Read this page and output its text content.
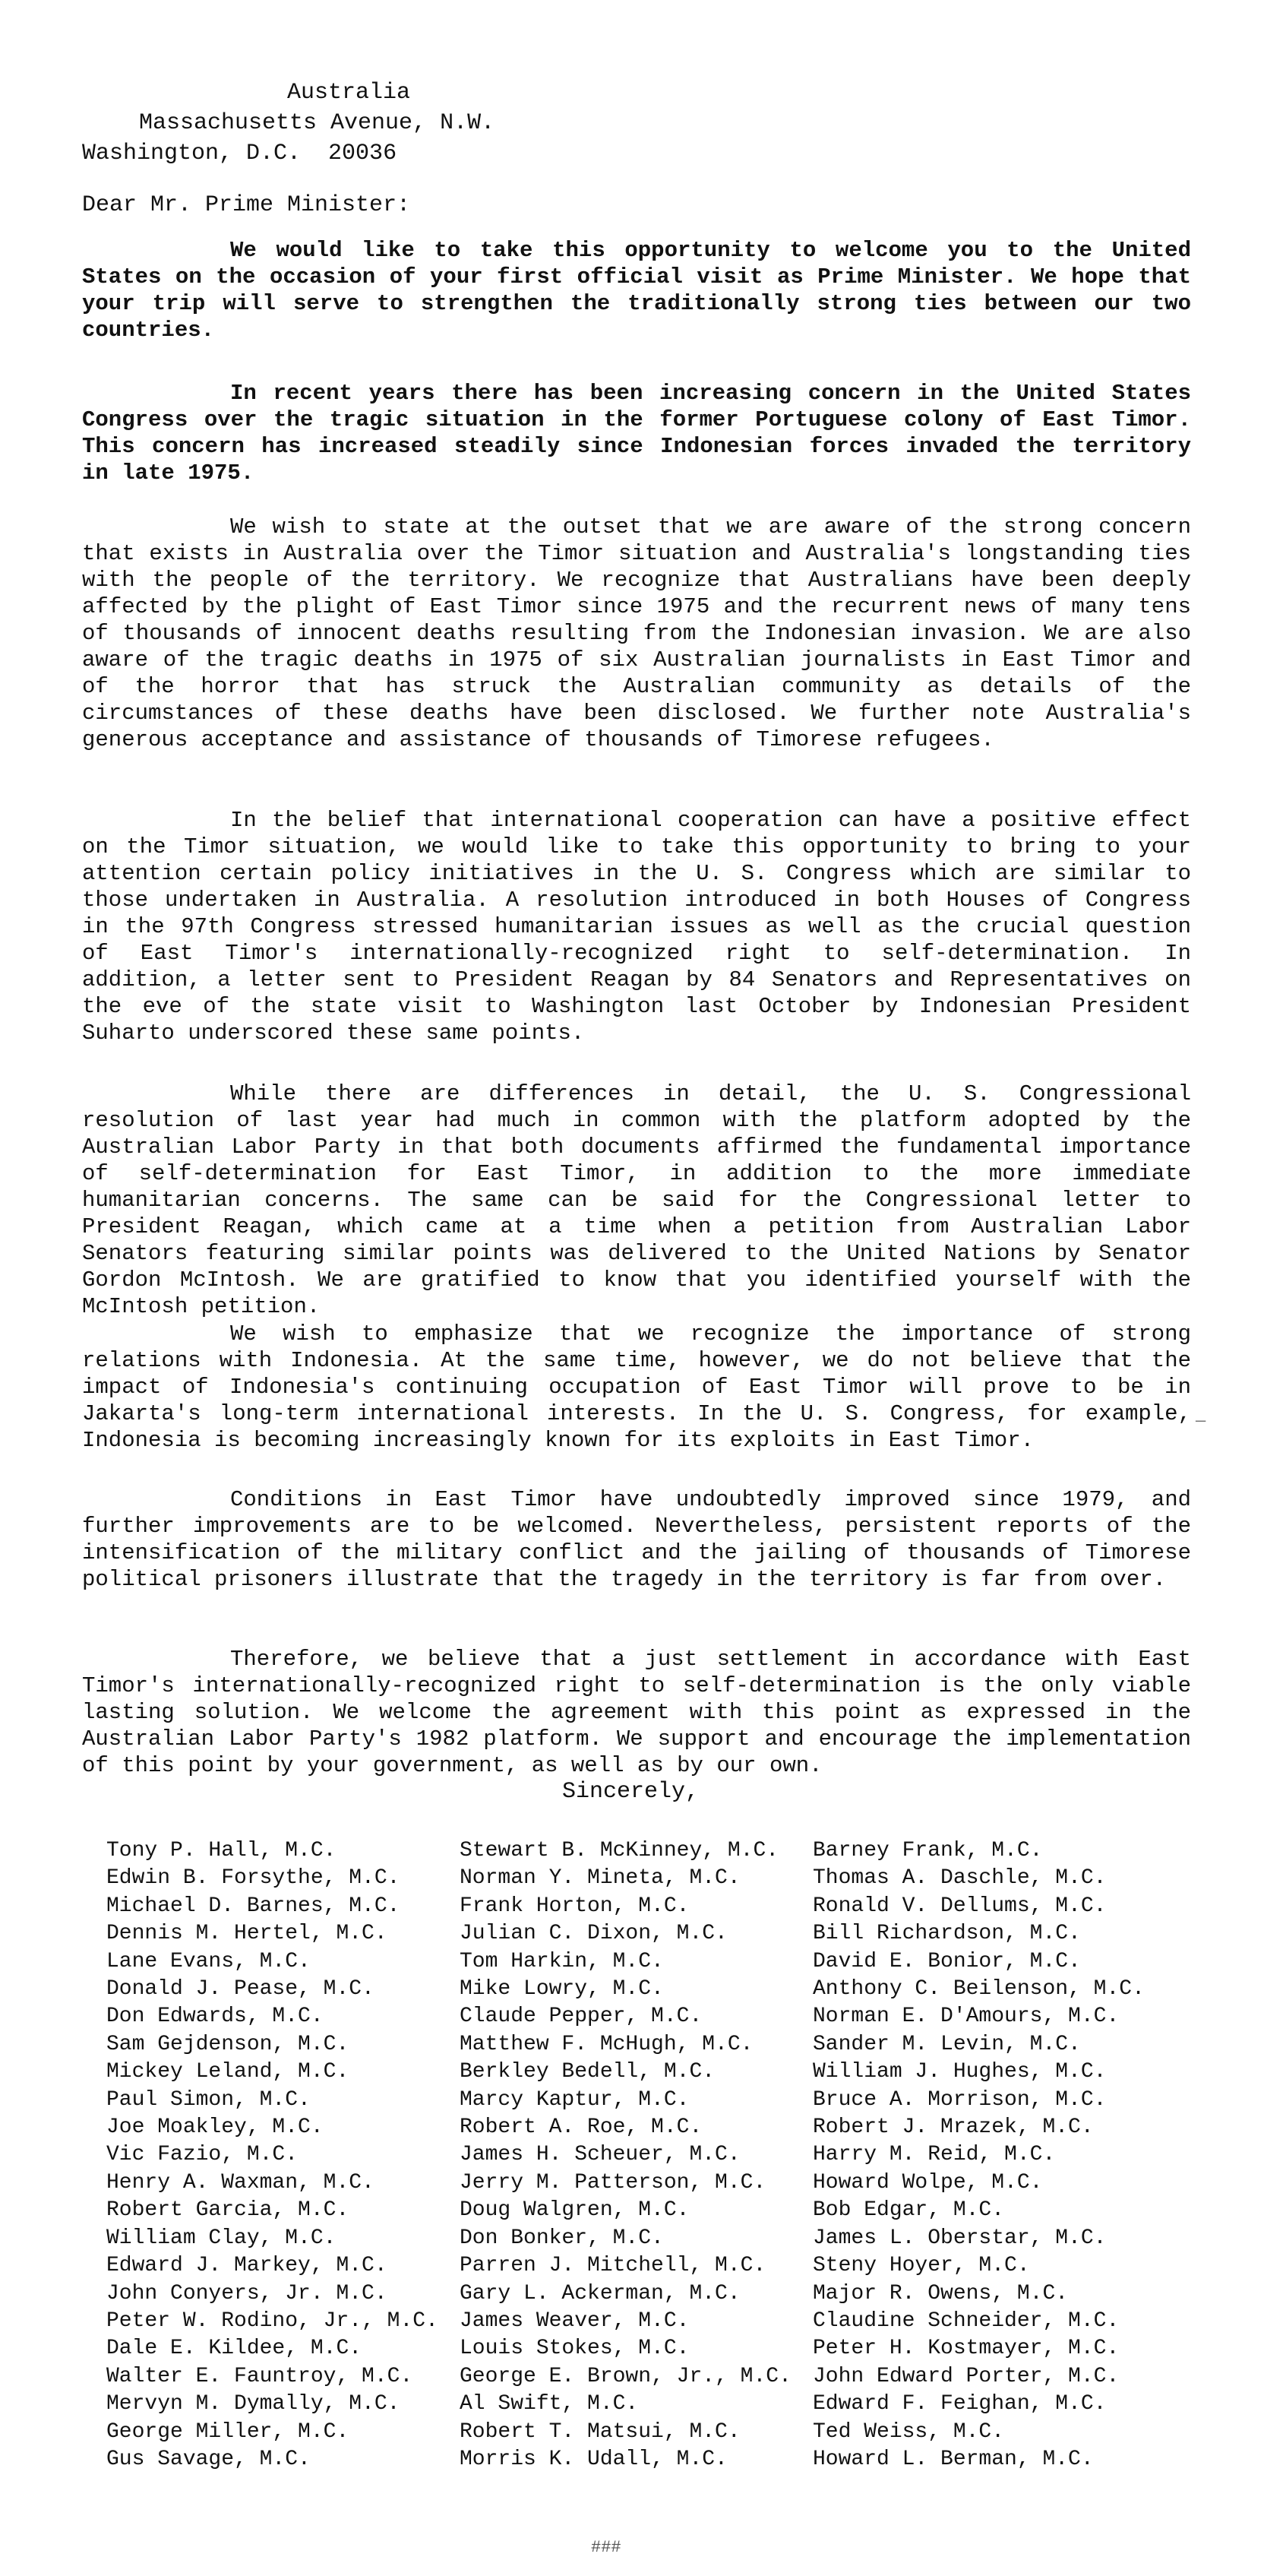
Australia
Massachusetts Avenue, N.W.
Washington, D.C.  20036
Dear Mr. Prime Minister:

We would like to take this opportunity to welcome you to the United States on the occasion of your first official visit as Prime Minister. We hope that your trip will serve to strengthen the traditionally strong ties between our two countries.

In recent years there has been increasing concern in the United States Congress over the tragic situation in the former Portuguese colony of East Timor. This concern has increased steadily since Indonesian forces invaded the territory in late 1975.

We wish to state at the outset that we are aware of the strong concern that exists in Australia over the Timor situation and Australia's longstanding ties with the people of the territory. We recognize that Australians have been deeply affected by the plight of East Timor since 1975 and the recurrent news of many tens of thousands of innocent deaths resulting from the Indonesian invasion. We are also aware of the tragic deaths in 1975 of six Australian journalists in East Timor and of the horror that has struck the Australian community as details of the circumstances of these deaths have been disclosed. We further note Australia's generous acceptance and assistance of thousands of Timorese refugees.

In the belief that international cooperation can have a positive effect on the Timor situation, we would like to take this opportunity to bring to your attention certain policy initiatives in the U. S. Congress which are similar to those undertaken in Australia. A resolution introduced in both Houses of Congress in the 97th Congress stressed humanitarian issues as well as the crucial question of East Timor's internationally-recognized right to self-determination. In addition, a letter sent to President Reagan by 84 Senators and Representatives on the eve of the state visit to Washington last October by Indonesian President Suharto underscored these same points.

While there are differences in detail, the U. S. Congressional resolution of last year had much in common with the platform adopted by the Australian Labor Party in that both documents affirmed the fundamental importance of self-determination for East Timor, in addition to the more immediate humanitarian concerns. The same can be said for the Congressional letter to President Reagan, which came at a time when a petition from Australian Labor Senators featuring similar points was delivered to the United Nations by Senator Gordon McIntosh. We are gratified to know that you identified yourself with the McIntosh petition.

We wish to emphasize that we recognize the importance of strong relations with Indonesia. At the same time, however, we do not believe that the impact of Indonesia's continuing occupation of East Timor will prove to be in Jakarta's long-term international interests. In the U. S. Congress, for example, Indonesia is becoming increasingly known for its exploits in East Timor.

Conditions in East Timor have undoubtedly improved since 1979, and further improvements are to be welcomed. Nevertheless, persistent reports of the intensification of the military conflict and the jailing of thousands of Timorese political prisoners illustrate that the tragedy in the territory is far from over.

Therefore, we believe that a just settlement in accordance with East Timor's internationally-recognized right to self-determination is the only viable lasting solution. We welcome the agreement with this point as expressed in the Australian Labor Party's 1982 platform. We support and encourage the implementation of this point by your government, as well as by our own.

Sincerely,
Tony P. Hall, M.C.
Edwin B. Forsythe, M.C.
Michael D. Barnes, M.C.
Dennis M. Hertel, M.C.
Lane Evans, M.C.
Donald J. Pease, M.C.
Don Edwards, M.C.
Sam Gejdenson, M.C.
Mickey Leland, M.C.
Paul Simon, M.C.
Joe Moakley, M.C.
Vic Fazio, M.C.
Henry A. Waxman, M.C.
Robert Garcia, M.C.
William Clay, M.C.
Edward J. Markey, M.C.
John Conyers, Jr. M.C.
Peter W. Rodino, Jr., M.C.
Dale E. Kildee, M.C.
Walter E. Fauntroy, M.C.
Mervyn M. Dymally, M.C.
George Miller, M.C.
Gus Savage, M.C.
Stewart B. McKinney, M.C.
Norman Y. Mineta, M.C.
Frank Horton, M.C.
Julian C. Dixon, M.C.
Tom Harkin, M.C.
Mike Lowry, M.C.
Claude Pepper, M.C.
Matthew F. McHugh, M.C.
Berkley Bedell, M.C.
Marcy Kaptur, M.C.
Robert A. Roe, M.C.
James H. Scheuer, M.C.
Jerry M. Patterson, M.C.
Doug Walgren, M.C.
Don Bonker, M.C.
Parren J. Mitchell, M.C.
Gary L. Ackerman, M.C.
James Weaver, M.C.
Louis Stokes, M.C.
George E. Brown, Jr., M.C.
Al Swift, M.C.
Robert T. Matsui, M.C.
Morris K. Udall, M.C.
Barney Frank, M.C.
Thomas A. Daschle, M.C.
Ronald V. Dellums, M.C.
Bill Richardson, M.C.
David E. Bonior, M.C.
Anthony C. Beilenson, M.C.
Norman E. D'Amours, M.C.
Sander M. Levin, M.C.
William J. Hughes, M.C.
Bruce A. Morrison, M.C.
Robert J. Mrazek, M.C.
Harry M. Reid, M.C.
Howard Wolpe, M.C.
Bob Edgar, M.C.
James L. Oberstar, M.C.
Steny Hoyer, M.C.
Major R. Owens, M.C.
Claudine Schneider, M.C.
Peter H. Kostmayer, M.C.
John Edward Porter, M.C.
Edward F. Feighan, M.C.
Ted Weiss, M.C.
Howard L. Berman, M.C.
###
—
